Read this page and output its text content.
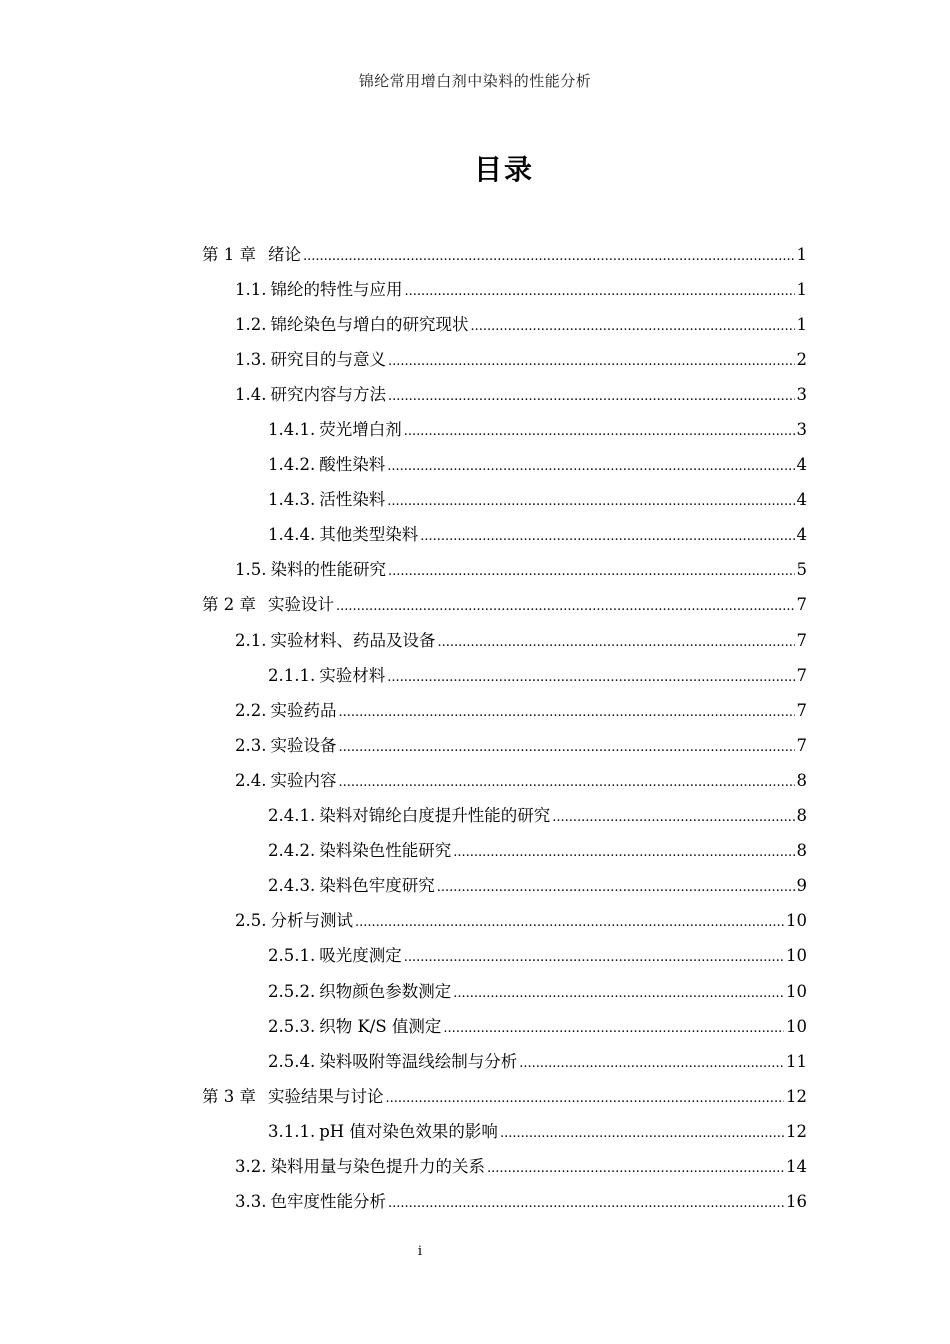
锦纶常用增白剂中染料的性能分析
目录
第 1 章 绪论 .....	1
1.1. 锦纶的特性与应用 .....	1
1.2. 锦纶染色与增白的研究现状 .....	1
1.3. 研究目的与意义 .....	2
1.4. 研究内容与方法 .....	3
1.4.1. 荧光增白剂 .....	3
1.4.2. 酸性染料 .....	4
1.4.3. 活性染料 .....	4
1.4.4. 其他类型染料 .....	4
1.5. 染料的性能研究 .....	5
第 2 章 实验设计 .....	7
2.1. 实验材料、药品及设备 .....	7
2.1.1. 实验材料 .....	7
2.2. 实验药品 .....	7
2.3. 实验设备 .....	7
2.4. 实验内容 .....	8
2.4.1. 染料对锦纶白度提升性能的研究 .....	8
2.4.2. 染料染色性能研究 .....	8
2.4.3. 染料色牢度研究 .....	9
2.5. 分析与测试 .....	10
2.5.1. 吸光度测定 .....	10
2.5.2. 织物颜色参数测定 .....	10
2.5.3. 织物 K/S 值测定 .....	10
2.5.4. 染料吸附等温线绘制与分析 .....	11
第 3 章 实验结果与讨论 .....	12
3.1.1. pH 值对染色效果的影响 .....	12
3.2. 染料用量与染色提升力的关系 .....	14
3.3. 色牢度性能分析 .....	16
i
